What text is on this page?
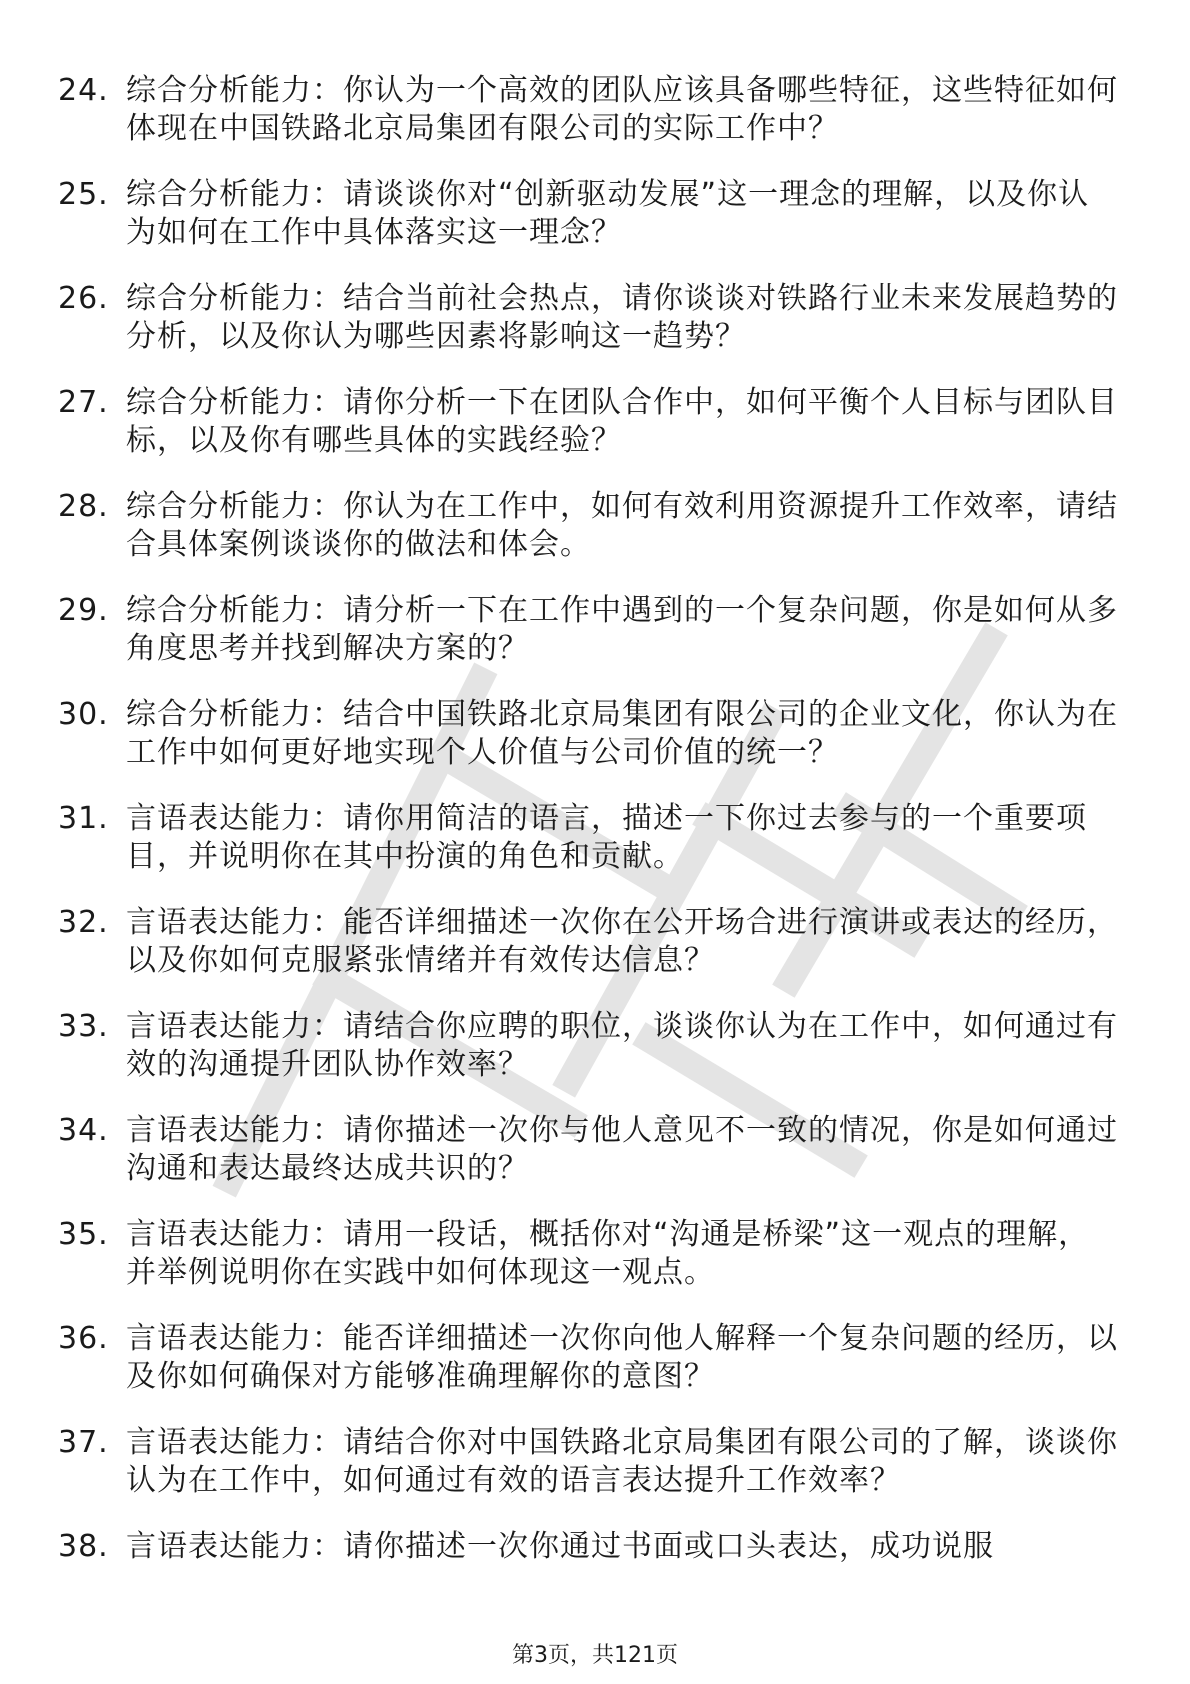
24. 综合分析能力：你认为一个高效的团队应该具备哪些特征，这些特征如何体现在中国铁路北京局集团有限公司的实际工作中？
25. 综合分析能力：请谈谈你对“创新驱动发展”这一理念的理解，以及你认为如何在工作中具体落实这一理念？
26. 综合分析能力：结合当前社会热点，请你谈谈对铁路行业未来发展趋势的分析，以及你认为哪些因素将影响这一趋势？
27. 综合分析能力：请你分析一下在团队合作中，如何平衡个人目标与团队目标，以及你有哪些具体的实践经验？
28. 综合分析能力：你认为在工作中，如何有效利用资源提升工作效率，请结合具体案例谈谈你的做法和体会。
29. 综合分析能力：请分析一下在工作中遇到的一个复杂问题，你是如何从多角度思考并找到解决方案的？
30. 综合分析能力：结合中国铁路北京局集团有限公司的企业文化，你认为在工作中如何更好地实现个人价值与公司价值的统一？
31. 言语表达能力：请你用简洁的语言，描述一下你过去参与的一个重要项目，并说明你在其中扮演的角色和贡献。
32. 言语表达能力：能否详细描述一次你在公开场合进行演讲或表达的经历，以及你如何克服紧张情绪并有效传达信息？
33. 言语表达能力：请结合你应聘的职位，谈谈你认为在工作中，如何通过有效的沟通提升团队协作效率？
34. 言语表达能力：请你描述一次你与他人意见不一致的情况，你是如何通过沟通和表达最终达成共识的？
35. 言语表达能力：请用一段话，概括你对“沟通是桥梁”这一观点的理解，并举例说明你在实践中如何体现这一观点。
36. 言语表达能力：能否详细描述一次你向他人解释一个复杂问题的经历，以及你如何确保对方能够准确理解你的意图？
37. 言语表达能力：请结合你对中国铁路北京局集团有限公司的了解，谈谈你认为在工作中，如何通过有效的语言表达提升工作效率？
38. 言语表达能力：请你描述一次你通过书面或口头表达，成功说服
第3页，共121页
